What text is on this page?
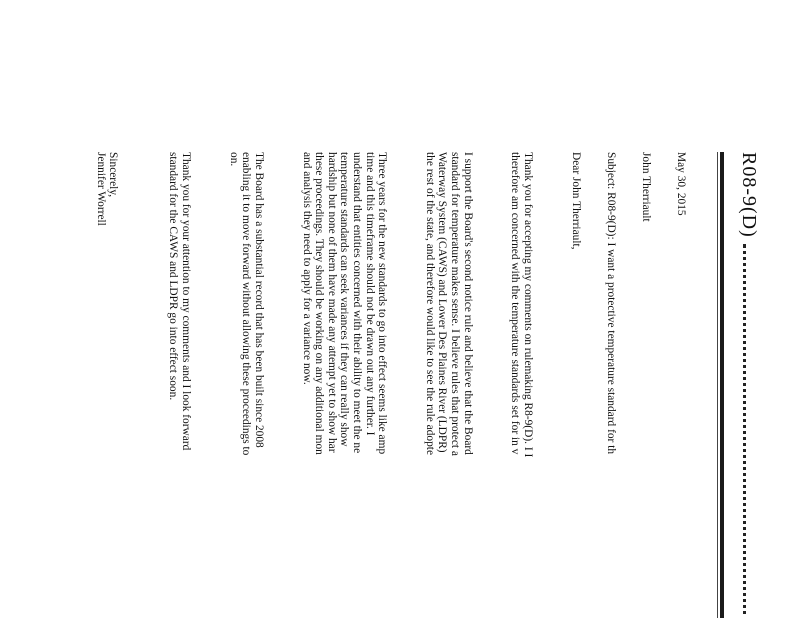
R08-9(D)

May 30, 2015

John Therriault

Subject: R08-9(D): I want a protective temperature standard for th

Dear John Therriault,

Thank you for accepting my comments on rulemaking R8-9(D). I I
therefore am concerned with the temperature standards set for in v

I support the Board's second notice rule and believe that the Board
standard for temperature makes sense. I believe rules that protect a
Waterway System (CAWS) and Lower Des Plaines River (LDPR)
the rest of the state, and therefore would like to see the rule adopte

Three years for the new standards to go into effect seems like amp
time and this timeframe should not be drawn out any further. I
understand that entities concerned with their ability to meet the ne
temperature standards can seek variances if they can really show
hardship but none of them have made any attempt yet to show har
these proceedings. They should be working on any additional mon
and analysis they need to apply for a variance now.

The Board has a substantial record that has been built since 2008
enabling it to move forward without allowing these proceedings to
on.

Thank you for your attention to my comments and I look forward
standard for the CAWS and LDPR go into effect soon.

Sincerely,
Jennifer Worrell
